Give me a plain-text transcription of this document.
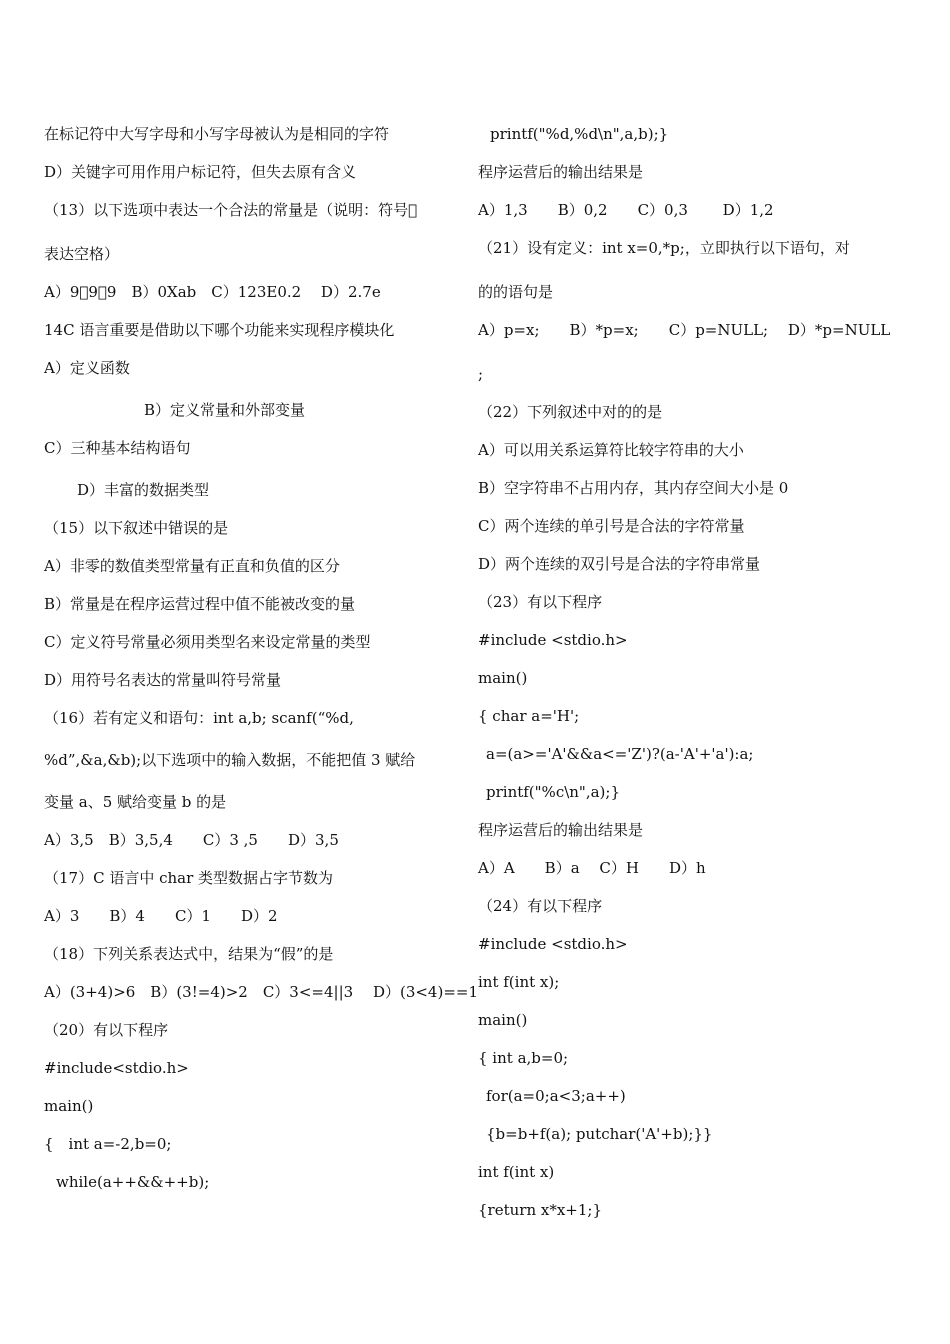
在标记符中大写字母和小写字母被认为是相同的字符
D）关键字可用作用户标记符，但失去原有含义
（13）以下选项中表达一个合法的常量是（说明：符号􀀀
表达空格）
A）9􀀀9􀀀9　B）0Xab　C）123E0.2　 D）2.7e
14C 语言重要是借助以下哪个功能来实现程序模块化
A）定义函数
B）定义常量和外部变量
C）三种基本结构语句
D）丰富的数据类型
（15）以下叙述中错误的是
A）非零的数值类型常量有正直和负值的区分
B）常量是在程序运营过程中值不能被改变的量
C）定义符号常量必须用类型名来设定常量的类型
D）用符号名表达的常量叫符号常量
（16）若有定义和语句：int a,b; scanf(“%d,
%d”,&a,&b);以下选项中的输入数据，不能把值 3 赋给
变量 a、5 赋给变量 b 的是
A）3,5　B）3,5,4　　C）3 ,5　　D）3,5
（17）C 语言中 char 类型数据占字节数为
A）3　　B）4　　C）1　　D）2
（18）下列关系表达式中，结果为“假”的是
A）(3+4)>6　B）(3!=4)>2　C）3<=4||3　 D）(3<4)==1
（20）有以下程序
#include<stdio.h>
main()
{　int a=-2,b=0;
while(a++&&++b);
printf("%d,%d\n",a,b);}
程序运营后的输出结果是
A）1,3　　B）0,2　　C）0,3　　 D）1,2
（21）设有定义：int x=0,*p;，立即执行以下语句，对
的的语句是
A）p=x;　　B）*p=x;　　C）p=NULL;　 D）*p=NULL
;
（22）下列叙述中对的的是
A）可以用关系运算符比较字符串的大小
B）空字符串不占用内存，其内存空间大小是 0
C）两个连续的单引号是合法的字符常量
D）两个连续的双引号是合法的字符串常量
（23）有以下程序
#include <stdio.h>
main()
{ char a='H';
a=(a>='A'&&a<='Z')?(a-'A'+'a'):a;
printf("%c\n",a);}
程序运营后的输出结果是
A）A　　B）a　 C）H　　D）h
（24）有以下程序
#include <stdio.h>
int f(int x);
main()
{ int a,b=0;
for(a=0;a<3;a++)
{b=b+f(a); putchar('A'+b);}}
int f(int x)
{return x*x+1;}
